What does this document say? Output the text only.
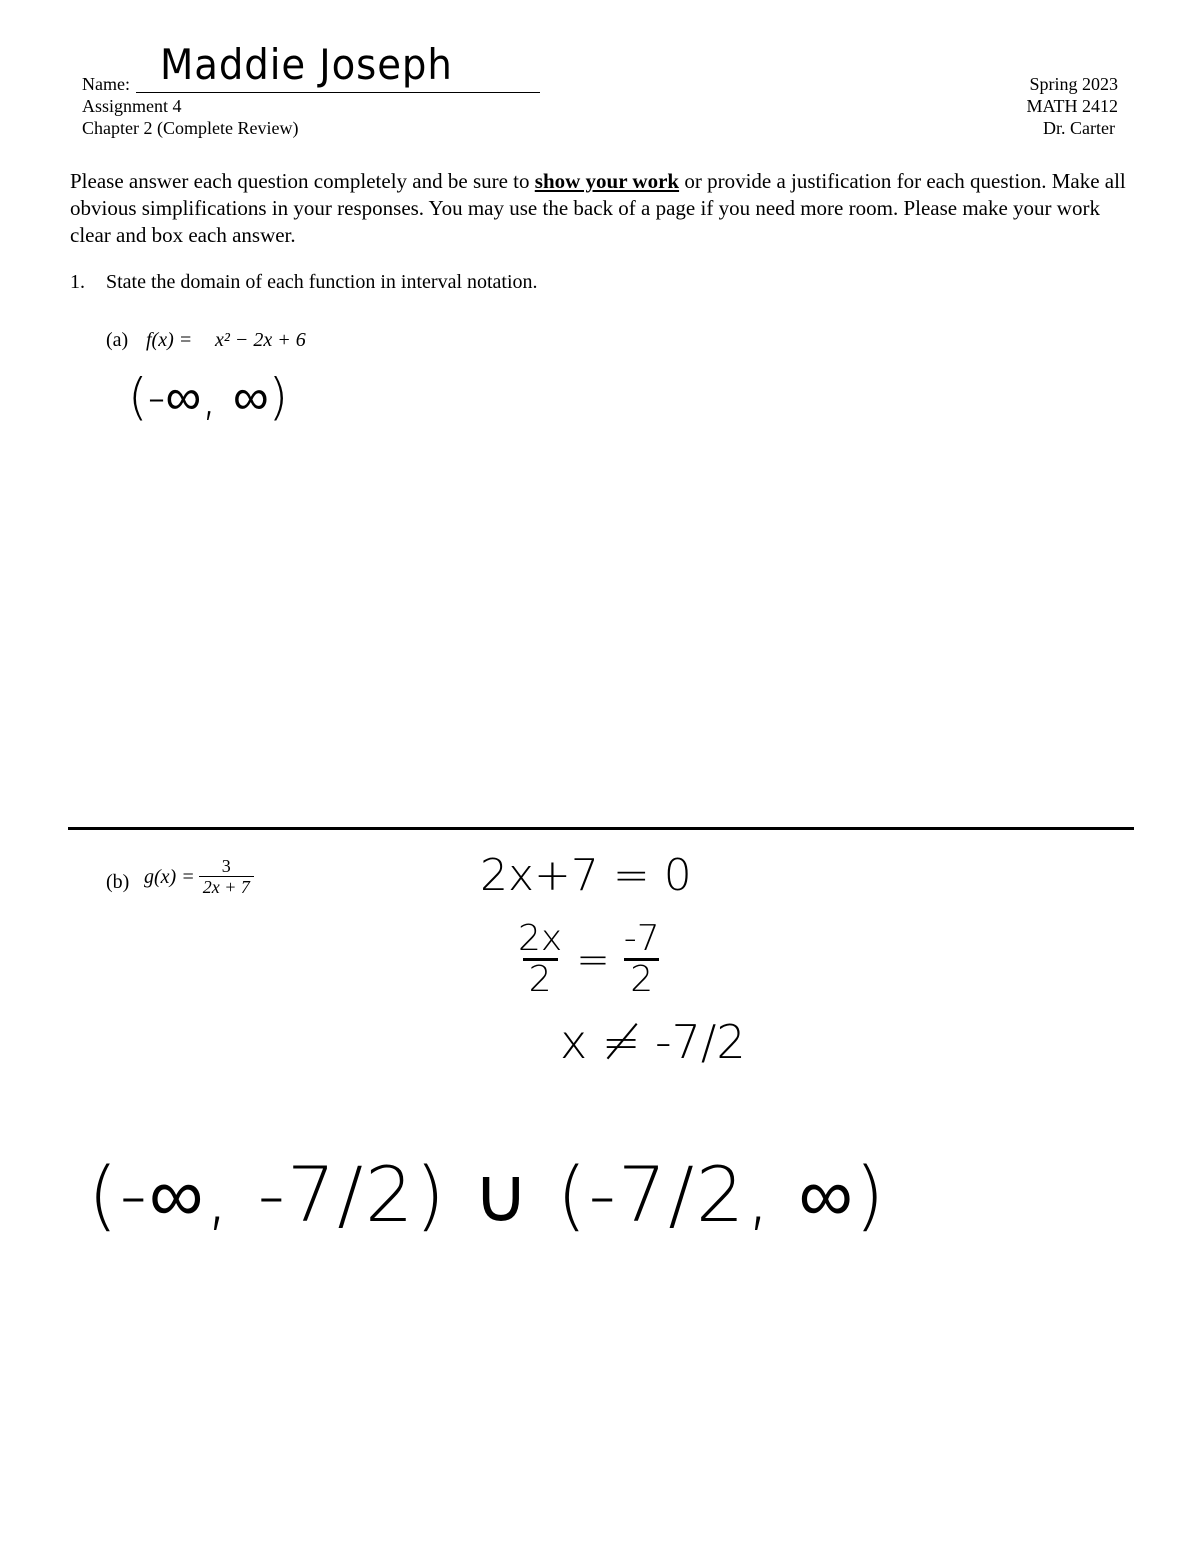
Name: Maddie Joseph
Assignment 4
Chapter 2 (Complete Review)
Spring 2023
MATH 2412
Dr. Carter
Please answer each question completely and be sure to show your work or provide a justification for each question. Make all obvious simplifications in your responses. You may use the back of a page if you need more room. Please make your work clear and box each answer.
1. State the domain of each function in interval notation.
(a) f(x) = x² − 2x + 6
(-∞, ∞)
(b) $g(x) = \frac{3}{2x + 7}$	2x+7 = 0
$\frac{2x}{2} = \frac{-7}{2}$
x ≠ -7/2
(-∞, -7/2) ∪ (-7/2, ∞)
